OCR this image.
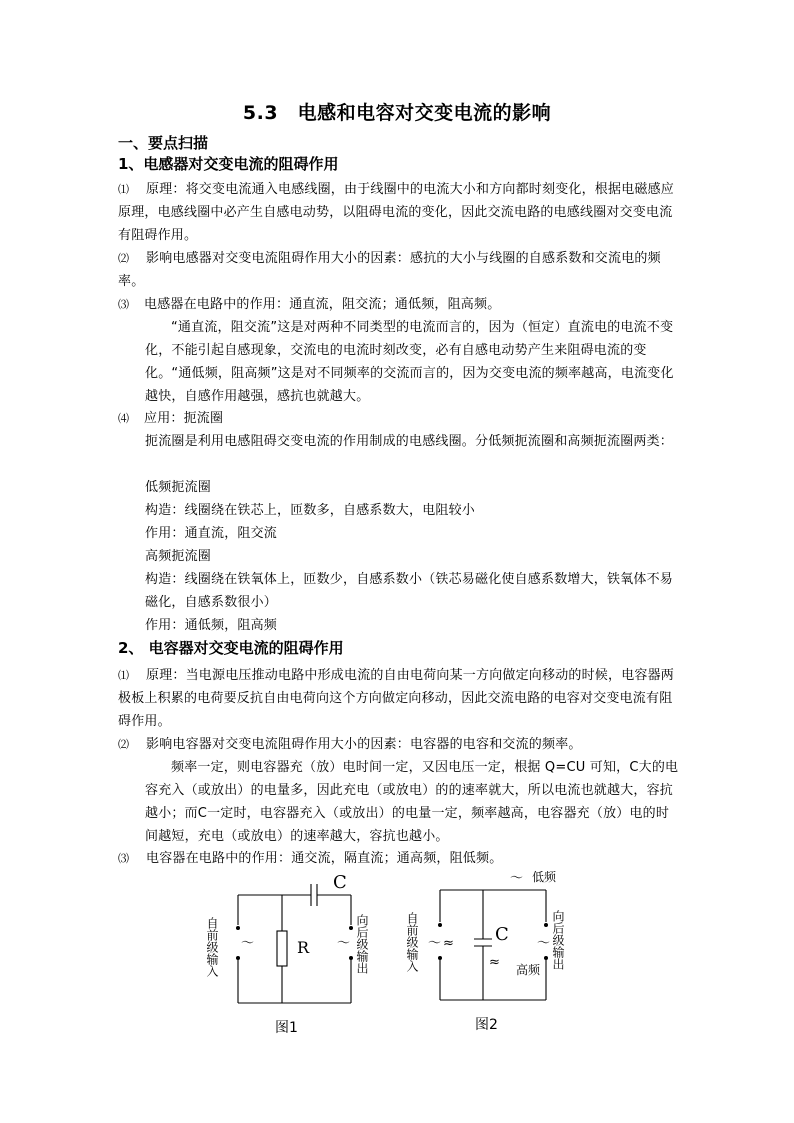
5.3　电感和电容对交变电流的影响
一、要点扫描
1、电感器对交变电流的阻碍作用
⑴ 原理：将交变电流通入电感线圈，由于线圈中的电流大小和方向都时刻变化，根据电磁感应原理，电感线圈中必产生自感电动势，以阻碍电流的变化，因此交流电路的电感线圈对交变电流有阻碍作用。
⑵ 影响电感器对交变电流阻碍作用大小的因素：感抗的大小与线圈的自感系数和交流电的频率。
⑶ 电感器在电路中的作用：通直流，阻交流；通低频，阻高频。
“通直流，阻交流”这是对两种不同类型的电流而言的，因为（恒定）直流电的电流不变化，不能引起自感现象，交流电的电流时刻改变，必有自感电动势产生来阻碍电流的变化。“通低频，阻高频”这是对不同频率的交流而言的，因为交变电流的频率越高，电流变化越快，自感作用越强，感抗也就越大。
⑷ 应用：扼流圈
扼流圈是利用电感阻碍交变电流的作用制成的电感线圈。分低频扼流圈和高频扼流圈两类：
低频扼流圈
构造：线圈绕在铁芯上，匝数多，自感系数大，电阻较小
作用：通直流，阻交流
高频扼流圈
构造：线圈绕在铁氧体上，匝数少，自感系数小（铁芯易磁化使自感系数增大，铁氧体不易磁化，自感系数很小）
作用：通低频，阻高频
2、 电容器对交变电流的阻碍作用
⑴ 原理：当电源电压推动电路中形成电流的自由电荷向某一方向做定向移动的时候，电容器两极板上积累的电荷要反抗自由电荷向这个方向做定向移动，因此交流电路的电容对交变电流有阻碍作用。
⑵ 影响电容器对交变电流阻碍作用大小的因素：电容器的电容和交流的频率。
频率一定，则电容器充（放）电时间一定，又因电压一定，根据 Q=CU 可知，C大的电容充入（或放出）的电量多，因此充电（或放电）的的速率就大，所以电流也就越大，容抗越小；而C一定时，电容器充入（或放出）的电量一定，频率越高，电容器充（放）电的时间越短，充电（或放电）的速率越大，容抗也越小。
⑶ 电容器在电路中的作用：通交流，隔直流；通高频，阻低频。
C
R
～	～
自前级输入	向后级输出
图1
～ 低频
C
～ ≈	～
≈ 高频
自前级输入	向后级输出
图2
